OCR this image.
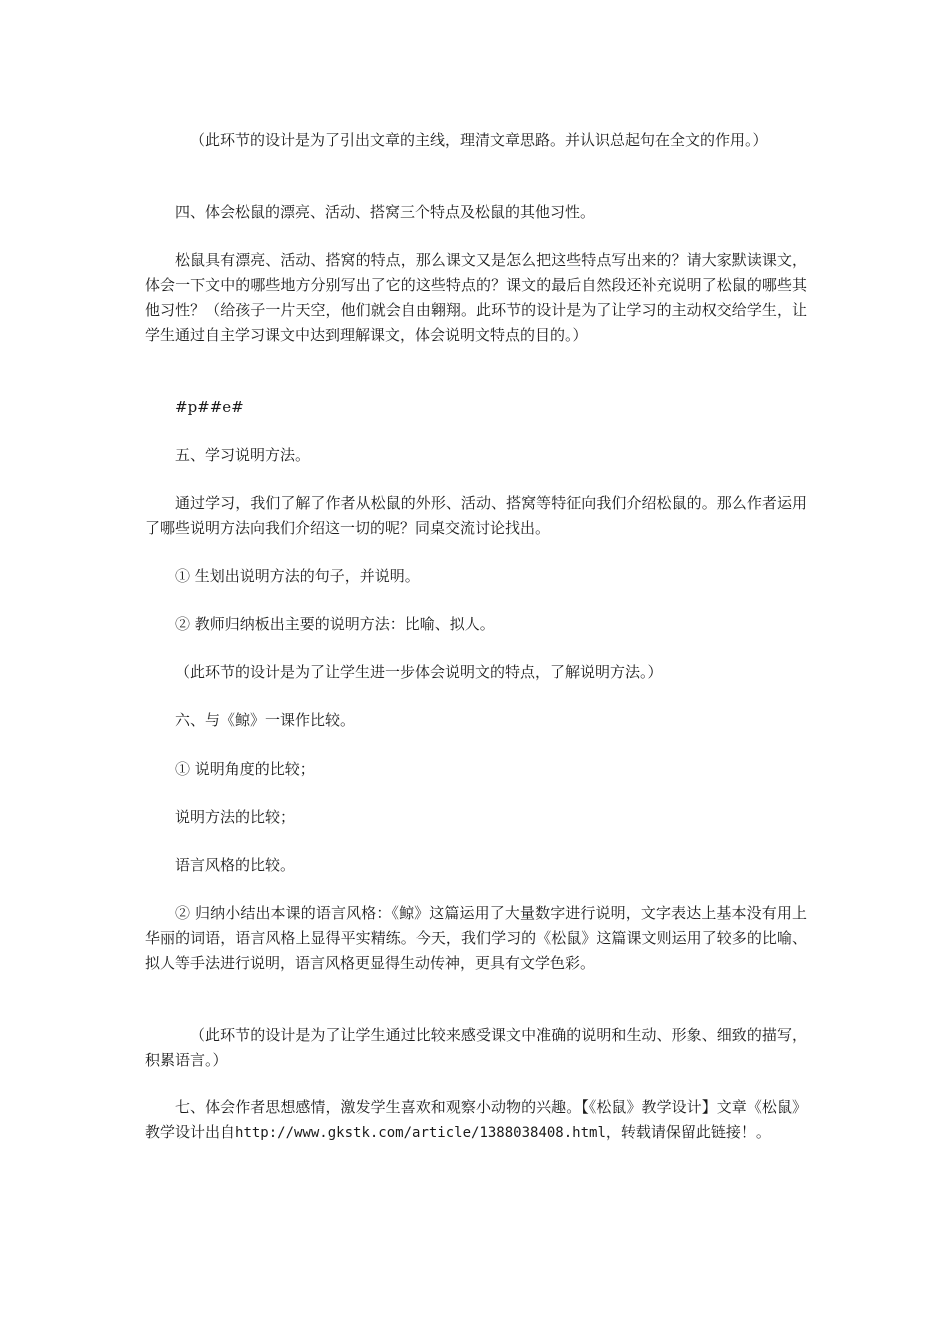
（此环节的设计是为了引出文章的主线，理清文章思路。并认识总起句在全文的作用。）

四、体会松鼠的漂亮、活动、搭窝三个特点及松鼠的其他习性。

松鼠具有漂亮、活动、搭窝的特点，那么课文又是怎么把这些特点写出来的？请大家默读课文，体会一下文中的哪些地方分别写出了它的这些特点的？课文的最后自然段还补充说明了松鼠的哪些其他习性？（给孩子一片天空，他们就会自由翱翔。此环节的设计是为了让学习的主动权交给学生，让学生通过自主学习课文中达到理解课文，体会说明文特点的目的。）

#p##e#

五、学习说明方法。

通过学习，我们了解了作者从松鼠的外形、活动、搭窝等特征向我们介绍松鼠的。那么作者运用了哪些说明方法向我们介绍这一切的呢？同桌交流讨论找出。

① 生划出说明方法的句子，并说明。

② 教师归纳板出主要的说明方法：比喻、拟人。

（此环节的设计是为了让学生进一步体会说明文的特点，了解说明方法。）

六、与《鲸》一课作比较。

① 说明角度的比较；

说明方法的比较；

语言风格的比较。

② 归纳小结出本课的语言风格：《鲸》这篇运用了大量数字进行说明，文字表达上基本没有用上华丽的词语，语言风格上显得平实精练。今天，我们学习的《松鼠》这篇课文则运用了较多的比喻、拟人等手法进行说明，语言风格更显得生动传神，更具有文学色彩。

（此环节的设计是为了让学生通过比较来感受课文中准确的说明和生动、形象、细致的描写，积累语言。）

七、体会作者思想感情，激发学生喜欢和观察小动物的兴趣。【《松鼠》教学设计】文章《松鼠》教学设计出自http://www.gkstk.com/article/1388038408.html，转载请保留此链接！。
